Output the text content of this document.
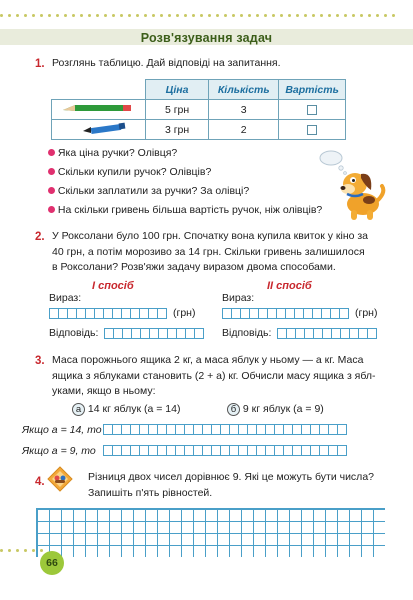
Розв'язування задач
1. Розглянь таблицю. Дай відповіді на запитання.
	Ціна	Кількість	Вартість
	5 грн	3	
	3 грн	2	
Яка ціна ручки? Олівця?
Скільки купили ручок? Олівців?
Скільки заплатили за ручки? За олівці?
На скільки гривень більша вартість ручок, ніж олівців?
2. У Роксолани було 100 грн. Спочатку вона купила квиток у кіно за
40 грн, а потім морозиво за 14 грн. Скільки гривень залишилося
в Роксолани? Розв'яжи задачу виразом двома способами.
І спосіб	ІІ спосіб
Вираз:	Вираз:
(грн)	(грн)
Відповідь:	Відповідь:
3. Маса порожнього ящика 2 кг, а маса яблук у ньому — a кг. Маса
ящика з яблуками становить (2 + a) кг. Обчисли масу ящика з ябл-
уками, якщо в ньому:
а 14 кг яблук (a = 14)	б 9 кг яблук (a = 9)
Якщо a = 14, то
Якщо a = 9, то
4.	Різниця двох чисел дорівнює 9. Які це можуть бути числа?
Запишіть п'ять рівностей.
66
